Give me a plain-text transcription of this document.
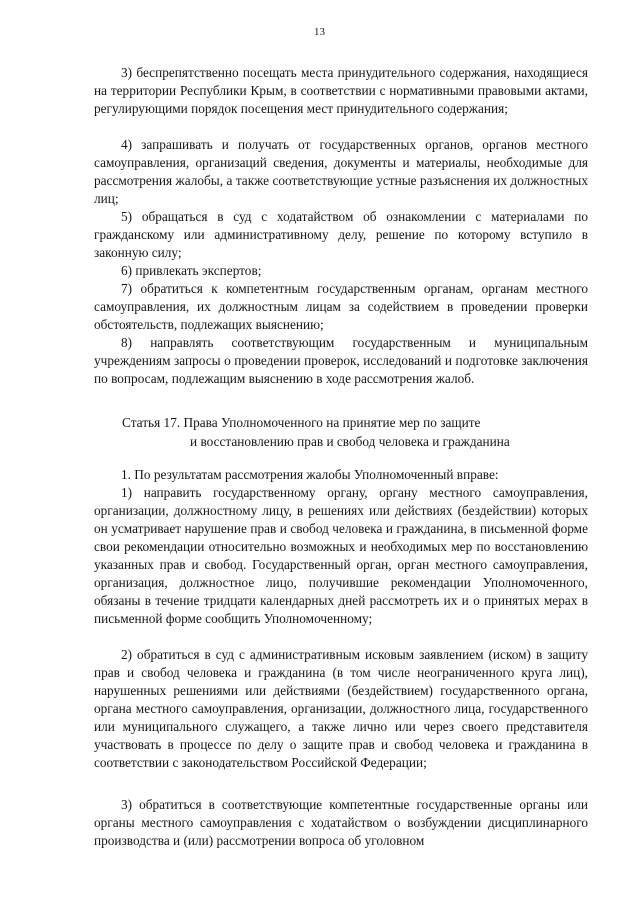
13

3) беспрепятственно посещать места принудительного содержания, находящиеся на территории Республики Крым, в соответствии с нормативными правовыми актами, регулирующими порядок посещения мест принудительного содержания;

4) запрашивать и получать от государственных органов, органов местного самоуправления, организаций сведения, документы и материалы, необходимые для рассмотрения жалобы, а также соответствующие устные разъяснения их должностных лиц;

5) обращаться в суд с ходатайством об ознакомлении с материалами по гражданскому или административному делу, решение по которому вступило в законную силу;

6) привлекать экспертов;

7) обратиться к компетентным государственным органам, органам местного самоуправления, их должностным лицам за содействием в проведении проверки обстоятельств, подлежащих выяснению;

8) направлять соответствующим государственным и муниципальным учреждениям запросы о проведении проверок, исследований и подготовке заключения по вопросам, подлежащим выяснению в ходе рассмотрения жалоб.

Статья 17. Права Уполномоченного на принятие мер по защите
и восстановлению прав и свобод человека и гражданина

1. По результатам рассмотрения жалобы Уполномоченный вправе:

1) направить государственному органу, органу местного самоуправления, организации, должностному лицу, в решениях или действиях (бездействии) которых он усматривает нарушение прав и свобод человека и гражданина, в письменной форме свои рекомендации относительно возможных и необходимых мер по восстановлению указанных прав и свобод. Государственный орган, орган местного самоуправления, организация, должностное лицо, получившие рекомендации Уполномоченного, обязаны в течение тридцати календарных дней рассмотреть их и о принятых мерах в письменной форме сообщить Уполномоченному;

2) обратиться в суд с административным исковым заявлением (иском) в защиту прав и свобод человека и гражданина (в том числе неограниченного круга лиц), нарушенных решениями или действиями (бездействием) государственного органа, органа местного самоуправления, организации, должностного лица, государственного или муниципального служащего, а также лично или через своего представителя участвовать в процессе по делу о защите прав и свобод человека и гражданина в соответствии с законодательством Российской Федерации;

3) обратиться в соответствующие компетентные государственные органы или органы местного самоуправления с ходатайством о возбуждении дисциплинарного производства и (или) рассмотрении вопроса об уголовном
